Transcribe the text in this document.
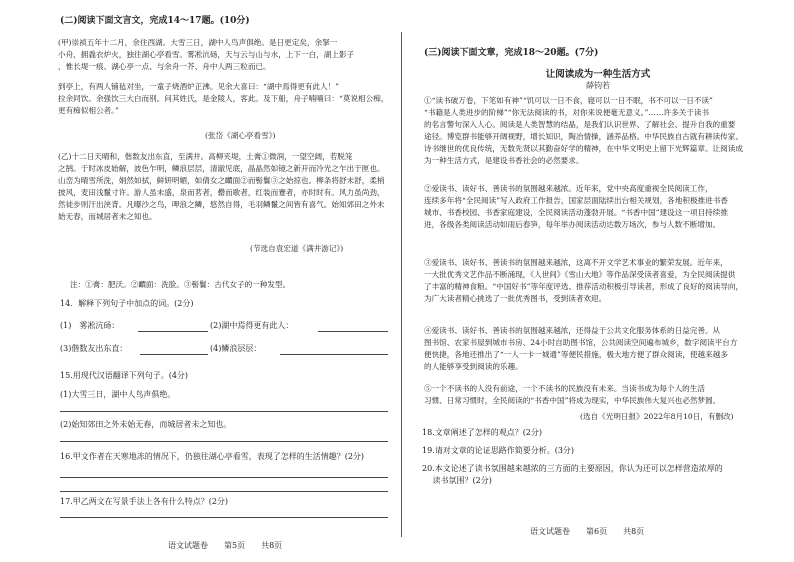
(二)阅读下面文言文，完成14～17题。(10分)
(甲)崇祯五年十二月，余住西湖。大雪三日，湖中人鸟声俱绝。是日更定矣，余拏一
小舟，拥毳衣炉火，独往湖心亭看雪。雾凇沆砀，天与云与山与水，上下一白，湖上影子
，惟长堤一痕、湖心亭一点、与余舟一芥、舟中人两三粒而已。
到亭上，有两人铺毡对坐，一童子烧酒炉正沸。见余大喜曰：“湖中焉得更有此人！”
拉余同饮。余强饮三大白而别。问其姓氏，是金陵人，客此。及下船，舟子喃喃曰：“莫说相公痴，
更有痴似相公者。”
(张岱《湖心亭看雪》)
(乙)十二日天晴和，偕数友出东直，至满井。高柳夹堤，土膏①微润，一望空阔，若脱笼
之鹄。于时冰皮始解，波色乍明，鳞浪层层，清澈见底，晶晶然如镜之新开而冷光之乍出于匣也。
山峦为晴雪所洗，娟然如拭，鲜妍明媚，如倩女之靧面②而髻鬟③之始掠也。柳条将舒未舒，柔梢
披风，麦田浅鬣寸许。游人虽未盛，泉而茗者，罍而歌者，红装而蹇者，亦时时有。风力虽尚劲，
然徒步则汗出浃背。凡曝沙之鸟，呷浪之鳞，悠然自得，毛羽鳞鬣之间皆有喜气。始知郊田之外未
始无春，而城居者未之知也。
(节选自袁宏道《满井游记》)
注：①膏：肥沃。②靧面：洗脸。③髻鬟：古代女子的一种发型。
14．解释下列句子中加点的词。(2分)
(1)　雾凇沆砀：	(2)湖中焉得更有此人：
(3)偕数友出东直：	(4)鳞浪层层：
15.用现代汉语翻译下列句子。(4分)
(1)大雪三日，湖中人鸟声俱绝。
(2)始知郊田之外未始无春，而城居者未之知也。
16.甲文作者在天寒地冻的情况下，仍独往湖心亭看雪，表现了怎样的生活情趣？(2分)
17.甲乙两文在写景手法上各有什么特点？(2分)
语文试题卷　　第5页　　共8页
(三)阅读下面文章，完成18～20题。(7分)
让阅读成为一种生活方式
薛钧若
①“读书破万卷，下笔如有神”“饥可以一日不食，寝可以一日不眠，书不可以一日不读”
“书籍是人类进步的阶梯”“你无法阅读的书，对你来说便毫无意义。”……许多关于读书
的名言警句深入人心。阅读是人类智慧的结晶，是我们认识世界、了解社会、提升自我的重要
途径。博览群书能够开阔视野，增长知识，陶冶情操，涵养品格。中华民族自古就有耕读传家、
诗书继世的优良传统，无数先贤以其勤奋好学的精神，在中华文明史上留下光辉篇章。让阅读成
为一种生活方式，是建设书香社会的必然要求。
②爱读书、读好书、善读书的氛围越来越浓。近年来，党中央高度重视全民阅读工作，
连续多年将“全民阅读”写入政府工作报告，国家层面陆续出台相关规划，各地积极推进书香
城市、书香校园、书香家庭建设，全民阅读活动蓬勃开展。“书香中国”建设这一项目持续推
进，各级各类阅读活动如雨后春笋，每年举办阅读活动达数万场次，参与人数不断增加。
③爱读书、读好书、善读书的氛围越来越浓，这离不开文学艺术事业的繁荣发展。近年来，
一大批优秀文艺作品不断涌现，《人世间》《雪山大地》等作品深受读者喜爱，为全民阅读提供
了丰富的精神食粮。“中国好书”等年度评选、推荐活动积极引导读者，形成了良好的阅读导向，
为广大读者精心挑选了一批优秀图书，受到读者欢迎。
④爱读书、读好书、善读书的氛围越来越浓，还得益于公共文化服务体系的日益完善。从
图书馆、农家书屋到城市书房、24小时自助图书馆，公共阅读空间遍布城乡，数字阅读平台方
便快捷，各地还推出了“一人一卡一城通”等便民措施，极大地方便了群众阅读，使越来越多
的人能够享受到阅读的乐趣。
⑤一个不读书的人没有前途，一个不读书的民族没有未来。当读书成为每个人的生活
习惯、日常习惯时，全民阅读的“书香中国”将成为现实，中华民族伟大复兴也必然梦圆。
(选自《光明日报》2022年8月10日，有删改)
18.文章阐述了怎样的观点？(2分)
19.请对文章的论证思路作简要分析。(3分)
20.本文论述了读书氛围越来越浓的三方面的主要原因，你认为还可以怎样营造浓厚的
　 读书氛围？(2分)
语文试题卷　　第6页　　共8页
